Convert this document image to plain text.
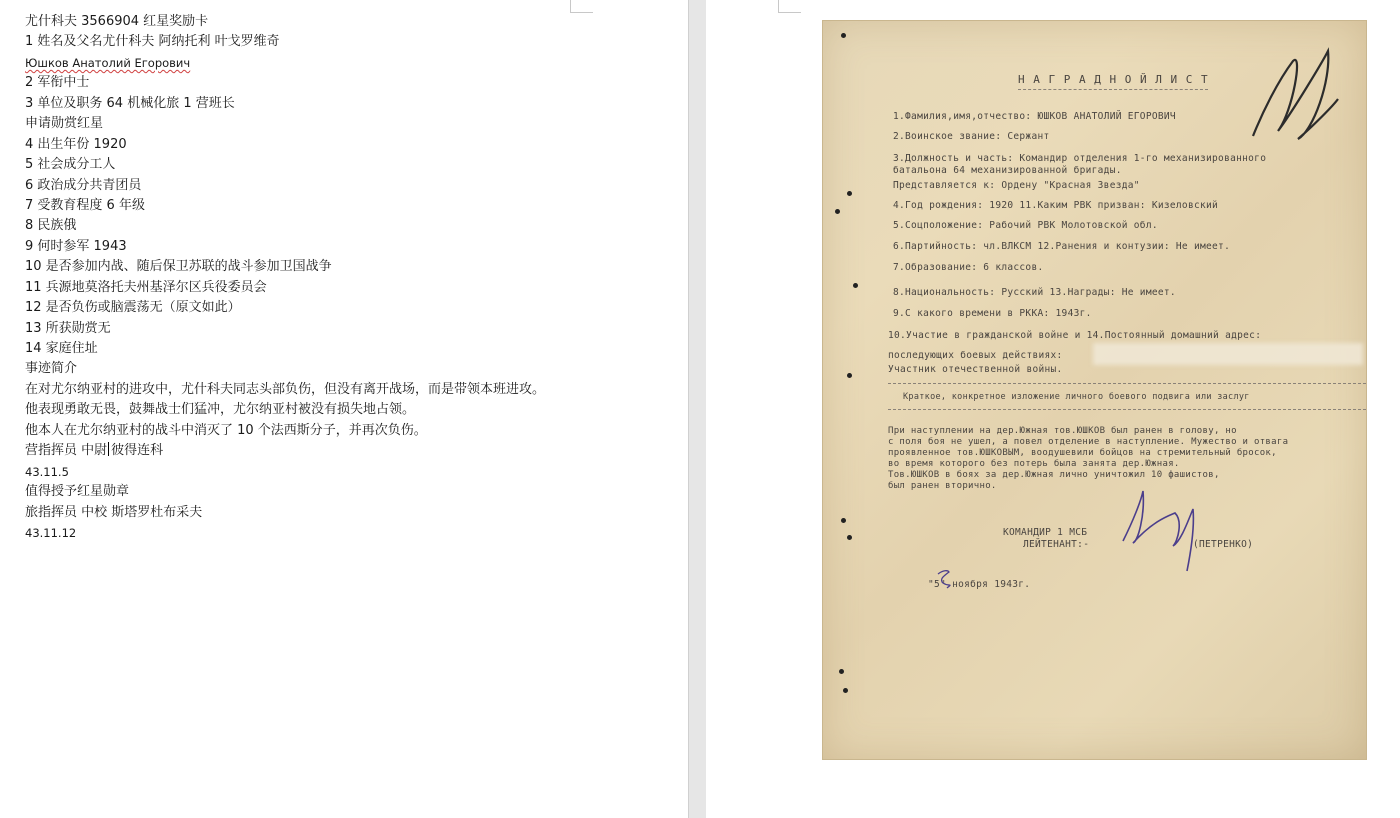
尤什科夫 3566904 红星奖励卡
1 姓名及父名尤什科夫 阿纳托利 叶戈罗维奇
Юшков Анатолий Егорович
2 军衔中士
3 单位及职务 64 机械化旅 1 营班长
申请勋赏红星
4 出生年份 1920
5 社会成分工人
6 政治成分共青团员
7 受教育程度 6 年级
8 民族俄
9 何时参军 1943
10 是否参加内战、随后保卫苏联的战斗参加卫国战争
11 兵源地莫洛托夫州基泽尔区兵役委员会
12 是否负伤或脑震荡无（原文如此）
13 所获勋赏无
14 家庭住址
事迹简介
在对尤尔纳亚村的进攻中，尤什科夫同志头部负伤，但没有离开战场，而是带领本班进攻。
他表现勇敢无畏，鼓舞战士们猛冲，尤尔纳亚村被没有损失地占领。
他本人在尤尔纳亚村的战斗中消灭了 10 个法西斯分子，并再次负伤。
营指挥员 中尉 彼得连科
43.11.5
值得授予红星勋章
旅指挥员 中校 斯塔罗杜布采夫
43.11.12
Н А Г Р А Д Н О Й Л И С Т
1.Фамилия,имя,отчество: ЮШКОВ АНАТОЛИЙ ЕГОРОВИЧ
2.Воинское звание: Сержант
3.Должность и часть: Командир отделения 1-го механизированного
батальона 64 механизированной бригады.
Представляется к: Ордену "Красная Звезда"
4.Год рождения: 1920 11.Каким РВК призван: Кизеловский
5.Соцположение: Рабочий РВК Молотовской обл.
6.Партийность: чл.ВЛКСМ 12.Ранения и контузии: Не имеет.
7.Образование: 6 классов.
8.Национальность: Русский 13.Награды: Не имеет.
9.С какого времени в РККА: 1943г.
10.Участие в гражданской войне и 14.Постоянный домашний адрес:
последующих боевых действиях:
Участник отечественной войны.
Краткое, конкретное изложение личного боевого подвига или заслуг
При наступлении на дер.Южная тов.ЮШКОВ был ранен в голову, но
с поля боя не ушел, а повел отделение в наступление. Мужество и отвага
проявленное тов.ЮШКОВЫМ, воодушевили бойцов на стремительный бросок,
во время которого без потерь была занята дер.Южная.
Тов.ЮШКОВ в боях за дер.Южная лично уничтожил 10 фашистов,
был ранен вторично.
КОМАНДИР 1 МСБ
ЛЕЙТЕНАНТ:-	(ПЕТРЕНКО)
"5" ноября 1943г.
